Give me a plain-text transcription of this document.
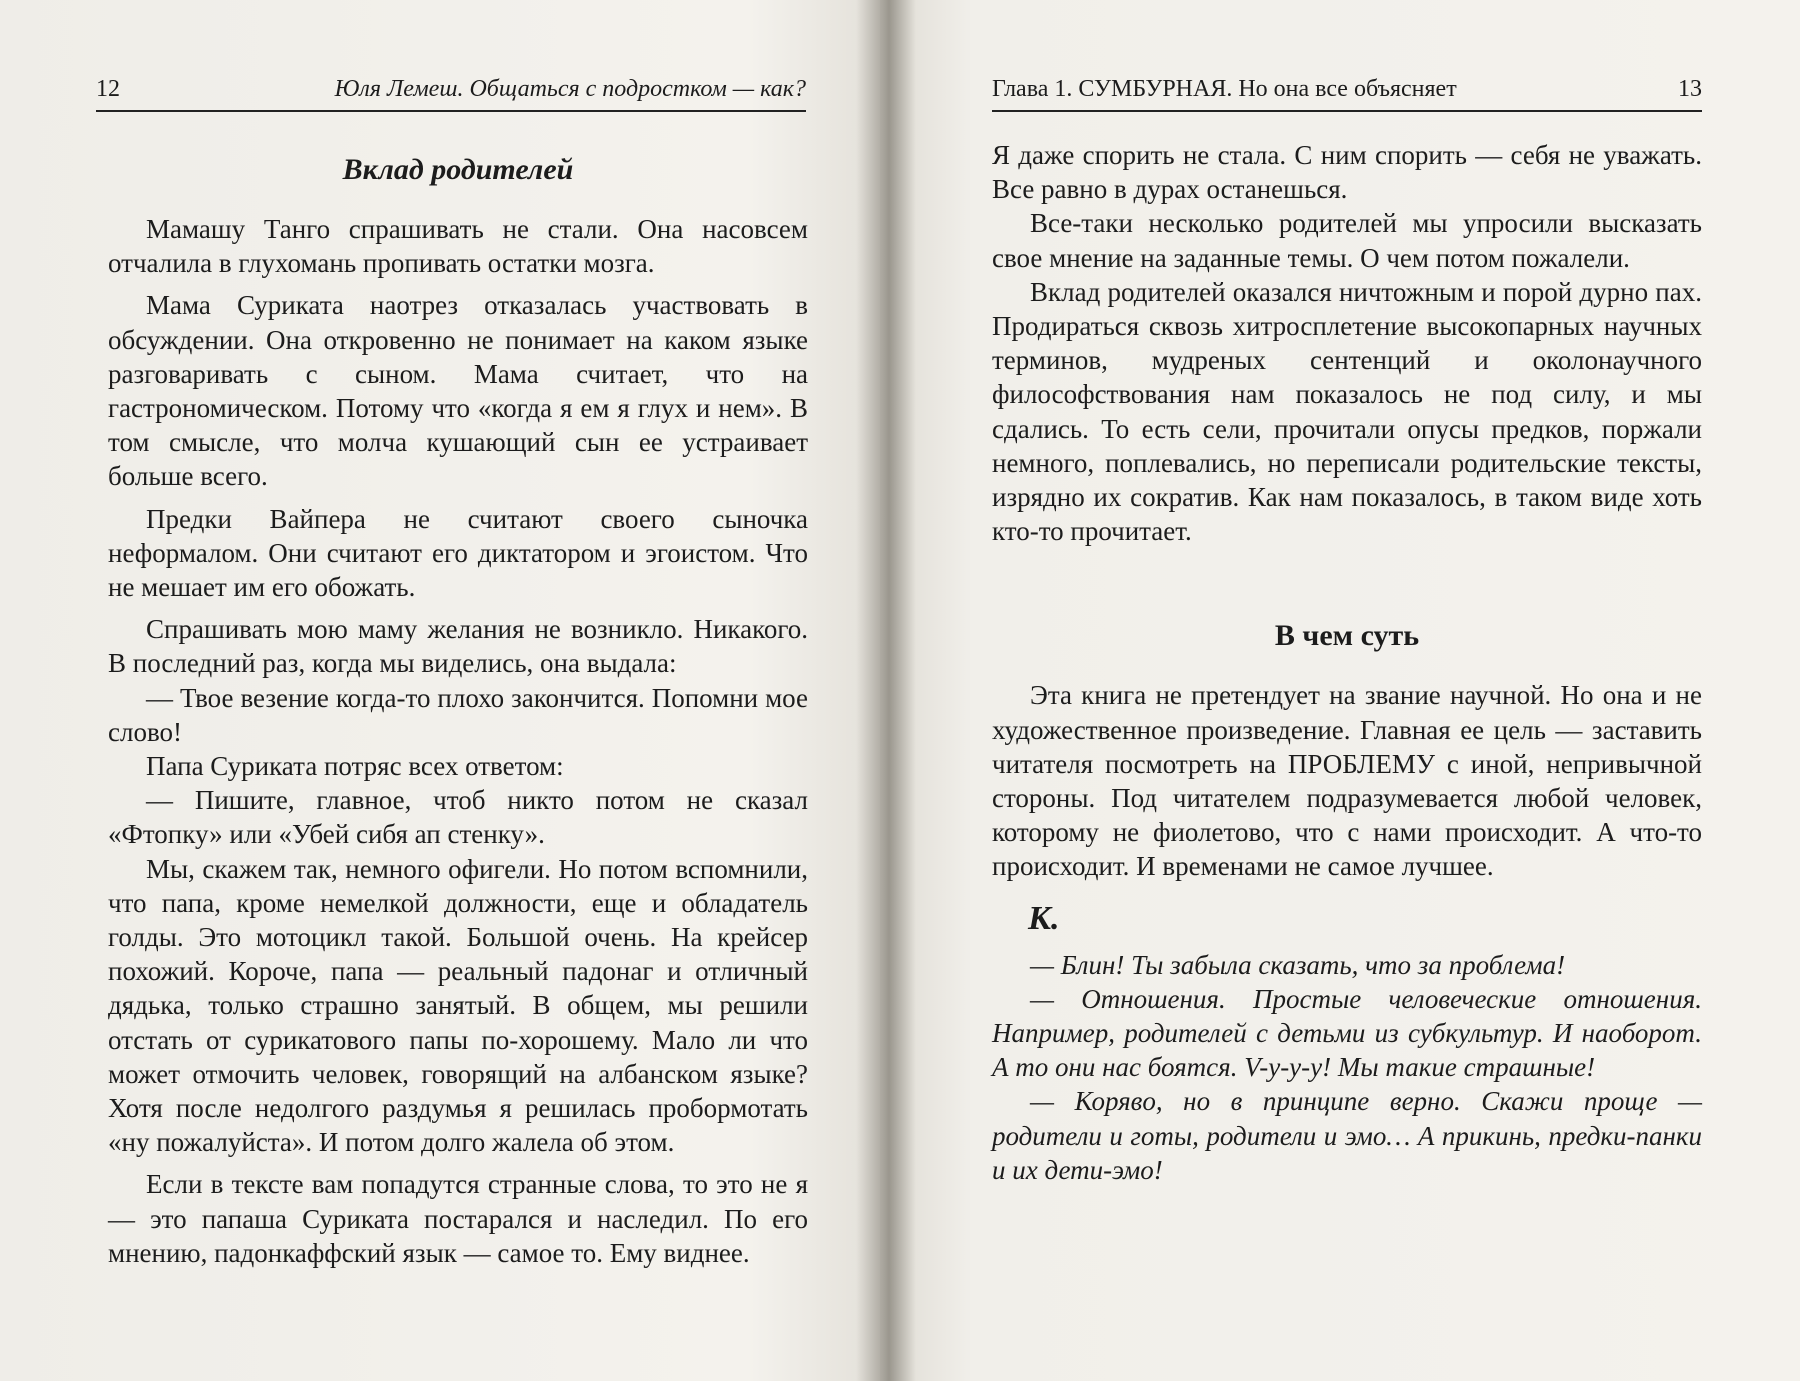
12	Юля Лемеш. Общаться с подростком — как?
Вклад родителей

Мамашу Танго спрашивать не стали. Она насовсем отчалила в глухомань пропивать остатки мозга.

Мама Суриката наотрез отказалась участвовать в обсуждении. Она откровенно не понимает на каком языке разговаривать с сыном. Мама считает, что на гастрономическом. Потому что «когда я ем я глух и нем». В том смысле, что молча кушающий сын ее устраивает больше всего.

Предки Вайпера не считают своего сыночка неформалом. Они считают его диктатором и эгоистом. Что не мешает им его обожать.

Спрашивать мою маму желания не возникло. Никакого. В последний раз, когда мы виделись, она выдала:

— Твое везение когда-то плохо закончится. Попомни мое слово!

Папа Суриката потряс всех ответом:

— Пишите, главное, чтоб никто потом не сказал «Фтопку» или «Убей сибя ап стенку».

Мы, скажем так, немного офигели. Но потом вспомнили, что папа, кроме немелкой должности, еще и обладатель голды. Это мотоцикл такой. Большой очень. На крейсер похожий. Короче, папа — реальный падонаг и отличный дядька, только страшно занятый. В общем, мы решили отстать от сурикатового папы по-хорошему. Мало ли что может отмочить человек, говорящий на албанском языке? Хотя после недолгого раздумья я решилась пробормотать «ну пожалуйста». И потом долго жалела об этом.

Если в тексте вам попадутся странные слова, то это не я — это папаша Суриката постарался и наследил. По его мнению, падонкаффский язык — самое то. Ему виднее.

Глава 1. СУМБУРНАЯ. Но она все объясняет	13

Я даже спорить не стала. С ним спорить — себя не уважать. Все равно в дурах останешься.

Все-таки несколько родителей мы упросили высказать свое мнение на заданные темы. О чем потом пожалели.

Вклад родителей оказался ничтожным и порой дурно пах. Продираться сквозь хитросплетение высокопарных научных терминов, мудреных сентенций и околонаучного философствования нам показалось не под силу, и мы сдались. То есть сели, прочитали опусы предков, поржали немного, поплевались, но переписали родительские тексты, изрядно их сократив. Как нам показалось, в таком виде хоть кто-то прочитает.

В чем суть

Эта книга не претендует на звание научной. Но она и не художественное произведение. Главная ее цель — заставить читателя посмотреть на ПРОБЛЕМУ с иной, непривычной стороны. Под читателем подразумевается любой человек, которому не фиолетово, что с нами происходит. А что-то происходит. И временами не самое лучшее.

К.

— Блин! Ты забыла сказать, что за проблема!

— Отношения. Простые человеческие отношения. Например, родителей с детьми из субкультур. И наоборот. А то они нас боятся. V-у-у-у! Мы такие страшные!

— Корявo, но в принципе верно. Скажи проще — родители и готы, родители и эмо… А прикинь, предки-панки и их дети-эмо!
